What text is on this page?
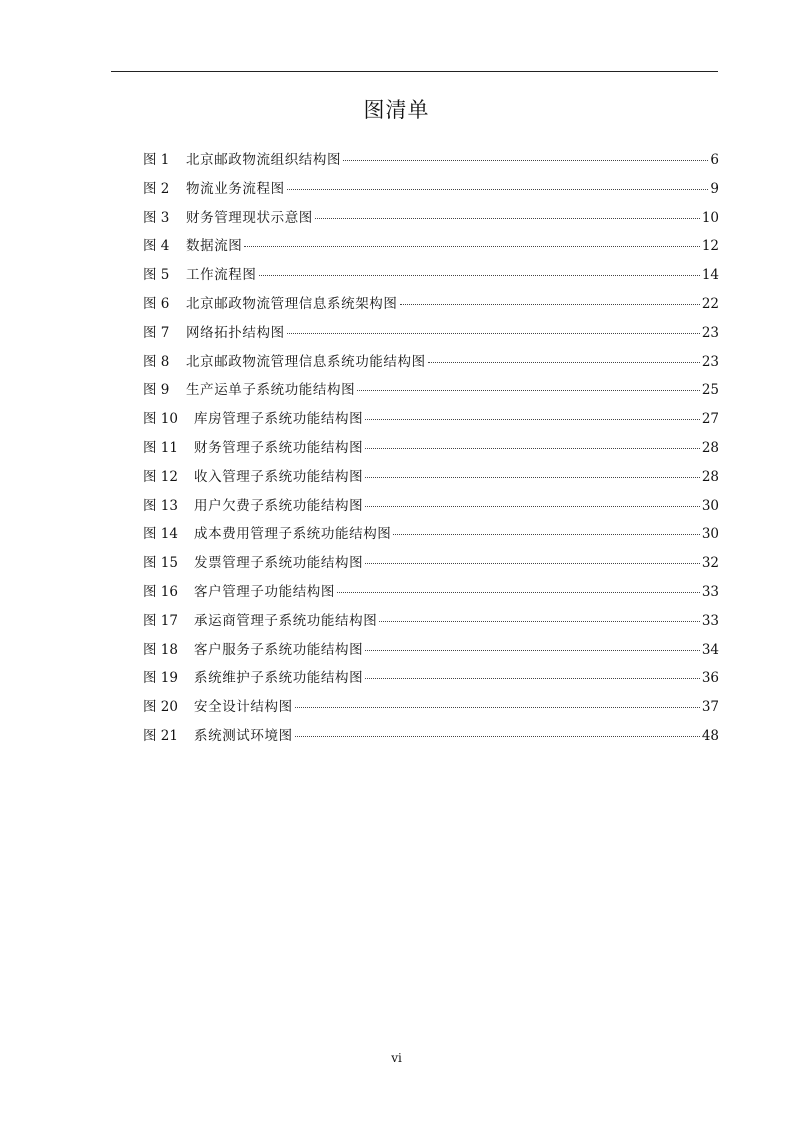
图清单
图 1	北京邮政物流组织结构图	6
图 2	物流业务流程图	9
图 3	财务管理现状示意图	10
图 4	数据流图	12
图 5	工作流程图	14
图 6	北京邮政物流管理信息系统架构图	22
图 7	网络拓扑结构图	23
图 8	北京邮政物流管理信息系统功能结构图	23
图 9	生产运单子系统功能结构图	25
图 10	库房管理子系统功能结构图	27
图 11	财务管理子系统功能结构图	28
图 12	收入管理子系统功能结构图	28
图 13	用户欠费子系统功能结构图	30
图 14	成本费用管理子系统功能结构图	30
图 15	发票管理子系统功能结构图	32
图 16	客户管理子功能结构图	33
图 17	承运商管理子系统功能结构图	33
图 18	客户服务子系统功能结构图	34
图 19	系统维护子系统功能结构图	36
图 20	安全设计结构图	37
图 21	系统测试环境图	48
vi
